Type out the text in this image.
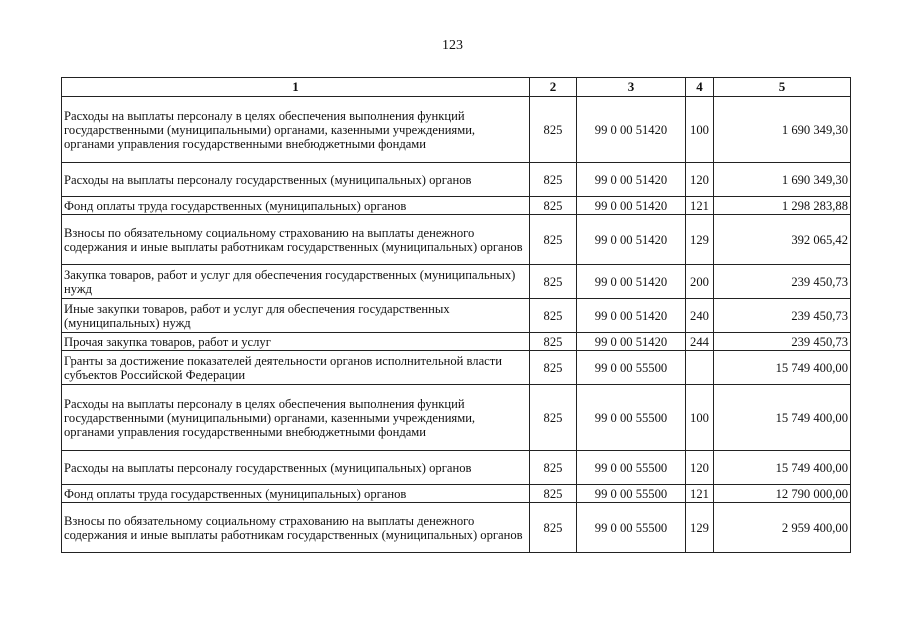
123
1	2	3	4	5
Расходы на выплаты персоналу в целях обеспечения выполнения функций государственными (муниципальными) органами, казенными учреждениями, органами управления государственными внебюджетными фондами	825	99 0 00 51420	100	1 690 349,30
Расходы на выплаты персоналу государственных (муниципальных) органов	825	99 0 00 51420	120	1 690 349,30
Фонд оплаты труда государственных (муниципальных) органов	825	99 0 00 51420	121	1 298 283,88
Взносы по обязательному социальному страхованию на выплаты денежного содержания и иные выплаты работникам государственных (муниципальных) органов	825	99 0 00 51420	129	392 065,42
Закупка товаров, работ и услуг для обеспечения государственных (муниципальных) нужд	825	99 0 00 51420	200	239 450,73
Иные закупки товаров, работ и услуг для обеспечения государственных (муниципальных) нужд	825	99 0 00 51420	240	239 450,73
Прочая закупка товаров, работ и услуг	825	99 0 00 51420	244	239 450,73
Гранты за достижение показателей деятельности органов исполнительной власти субъектов Российской Федерации	825	99 0 00 55500		15 749 400,00
Расходы на выплаты персоналу в целях обеспечения выполнения функций государственными (муниципальными) органами, казенными учреждениями, органами управления государственными внебюджетными фондами	825	99 0 00 55500	100	15 749 400,00
Расходы на выплаты персоналу государственных (муниципальных) органов	825	99 0 00 55500	120	15 749 400,00
Фонд оплаты труда государственных (муниципальных) органов	825	99 0 00 55500	121	12 790 000,00
Взносы по обязательному социальному страхованию на выплаты денежного содержания и иные выплаты работникам государственных (муниципальных) органов	825	99 0 00 55500	129	2 959 400,00
